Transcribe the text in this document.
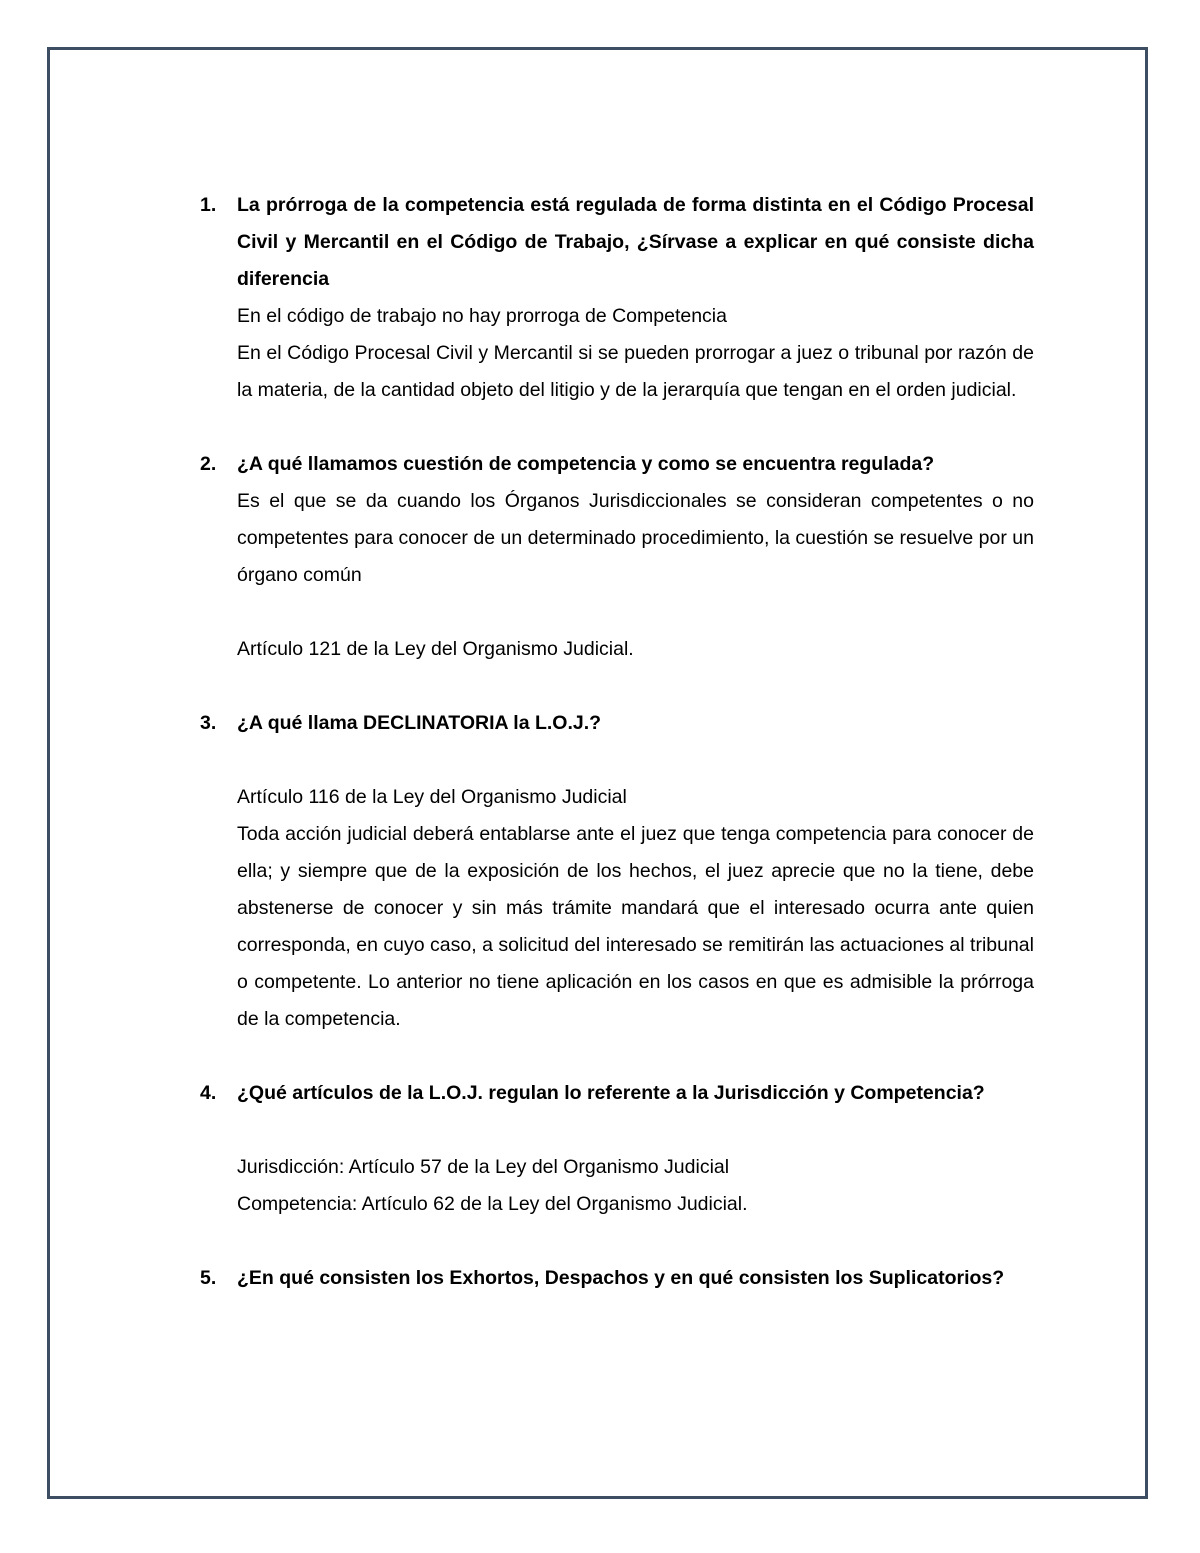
1. La prórroga de la competencia está regulada de forma distinta en el Código Procesal Civil y Mercantil en el Código de Trabajo, ¿Sírvase a explicar en qué consiste dicha diferencia
En el código de trabajo no hay prorroga de Competencia
En el Código Procesal Civil y Mercantil si se pueden prorrogar a juez o tribunal por razón de la materia, de la cantidad objeto del litigio y de la jerarquía que tengan en el orden judicial.
2. ¿A qué llamamos cuestión de competencia y como se encuentra regulada?
Es el que se da cuando los Órganos Jurisdiccionales se consideran competentes o no competentes para conocer de un determinado procedimiento, la cuestión se resuelve por un órgano común
Artículo 121 de la Ley del Organismo Judicial.
3. ¿A qué llama DECLINATORIA la L.O.J.?
Artículo 116 de la Ley del Organismo Judicial
Toda acción judicial deberá entablarse ante el juez que tenga competencia para conocer de ella; y siempre que de la exposición de los hechos, el juez aprecie que no la tiene, debe abstenerse de conocer y sin más trámite mandará que el interesado ocurra ante quien corresponda, en cuyo caso, a solicitud del interesado se remitirán las actuaciones al tribunal o competente. Lo anterior no tiene aplicación en los casos en que es admisible la prórroga de la competencia.
4. ¿Qué artículos de la L.O.J. regulan lo referente a la Jurisdicción y Competencia?
Jurisdicción: Artículo 57 de la Ley del Organismo Judicial
Competencia: Artículo 62 de la Ley del Organismo Judicial.
5. ¿En qué consisten los Exhortos, Despachos y en qué consisten los Suplicatorios?
